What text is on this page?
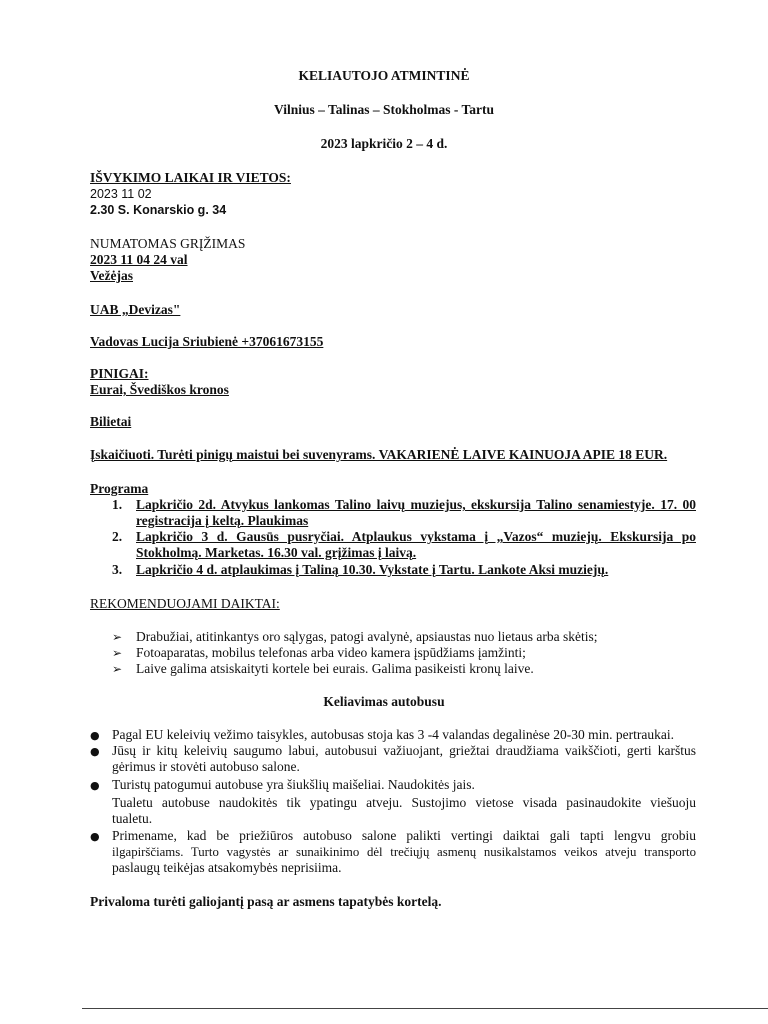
KELIAUTOJO ATMINTINĖ
Vilnius – Talinas – Stokholmas - Tartu
2023 lapkričio 2 – 4 d.
IŠVYKIMO LAIKAI IR VIETOS:
2023 11 02
2.30 S. Konarskio g. 34
NUMATOMAS GRĮŽIMAS
2023 11 04 24 val
Vežėjas
UAB „Devizas"
Vadovas Lucija Sriubienė +37061673155
PINIGAI:
Eurai, Švediškos kronos
Bilietai
Įskaičiuoti. Turėti pinigų maistui bei suvenyrams. VAKARIENĖ LAIVE KAINUOJA APIE 18 EUR.
Programa
1. Lapkričio 2d. Atvykus lankomas Talino laivų muziejus, ekskursija Talino senamiestyje. 17. 00
registracija į keltą. Plaukimas
2. Lapkričio 3 d. Gausūs pusryčiai. Atplaukus vykstama į „Vazos“ muziejų. Ekskursija po
Stokholmą. Marketas. 16.30 val. grįžimas į laivą.
3. Lapkričio 4 d. atplaukimas į Taliną 10.30. Vykstate į Tartu. Lankote Aksi muziejų.
REKOMENDUOJAMI DAIKTAI:
➢ Drabužiai, atitinkantys oro sąlygas, patogi avalynė, apsiaustas nuo lietaus arba skėtis;
➢ Fotoaparatas, mobilus telefonas arba video kamera įspūdžiams įamžinti;
➢ Laive galima atsiskaityti kortele bei eurais. Galima pasikeisti kronų laive.
Keliavimas autobusu
● Pagal EU keleivių vežimo taisykles, autobusas stoja kas 3 -4 valandas degalinėse 20-30 min. pertraukai.
● Jūsų ir kitų keleivių saugumo labui, autobusui važiuojant, griežtai draudžiama vaikščioti, gerti karštus
gėrimus ir stovėti autobuso salone.
● Turistų patogumui autobuse yra šiukšlių maišeliai. Naudokitės jais.
Tualetu autobuse naudokitės tik ypatingu atveju. Sustojimo vietose visada pasinaudokite viešuoju
tualetu.
● Primename, kad be priežiūros autobuso salone palikti vertingi daiktai gali tapti lengvu grobiu
ilgapirščiams. Turto vagystės ar sunaikinimo dėl trečiųjų asmenų nusikalstamos veikos atveju transporto
paslaugų teikėjas atsakomybės neprisiima.
Privaloma turėti galiojantį pasą ar asmens tapatybės kortelą.
